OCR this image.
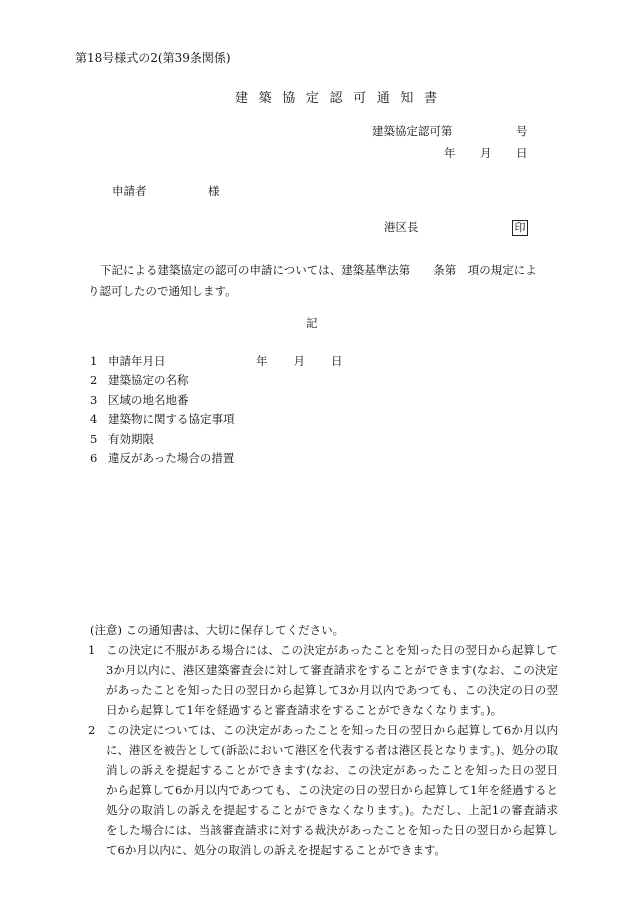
第18号様式の2(第39条関係)
建 築 協 定 認 可 通 知 書
建築協定認可第	号
年 月 日
申請者	様
港区長	印
下記による建築協定の認可の申請については、建築基準法第　　条第　項の規定によ
り認可したので通知します。
記
1 申請年月日	年 月 日
2 建築協定の名称
3 区域の地名地番
4 建築物に関する協定事項
5 有効期限
6 違反があった場合の措置
(注意) この通知書は、大切に保存してください。
1 この決定に不服がある場合には、この決定があったことを知った日の翌日から起算して3か月以内に、港区建築審査会に対して審査請求をすることができます(なお、この決定があったことを知った日の翌日から起算して3か月以内であつても、この決定の日の翌日から起算して1年を経過すると審査請求をすることができなくなります。)。
2 この決定については、この決定があったことを知った日の翌日から起算して6か月以内に、港区を被告として(訴訟において港区を代表する者は港区長となります。)、処分の取消しの訴えを提起することができます(なお、この決定があったことを知った日の翌日から起算して6か月以内であつても、この決定の日の翌日から起算して1年を経過すると処分の取消しの訴えを提起することができなくなります。)。ただし、上記1の審査請求をした場合には、当該審査請求に対する裁決があったことを知った日の翌日から起算して6か月以内に、処分の取消しの訴えを提起することができます。
